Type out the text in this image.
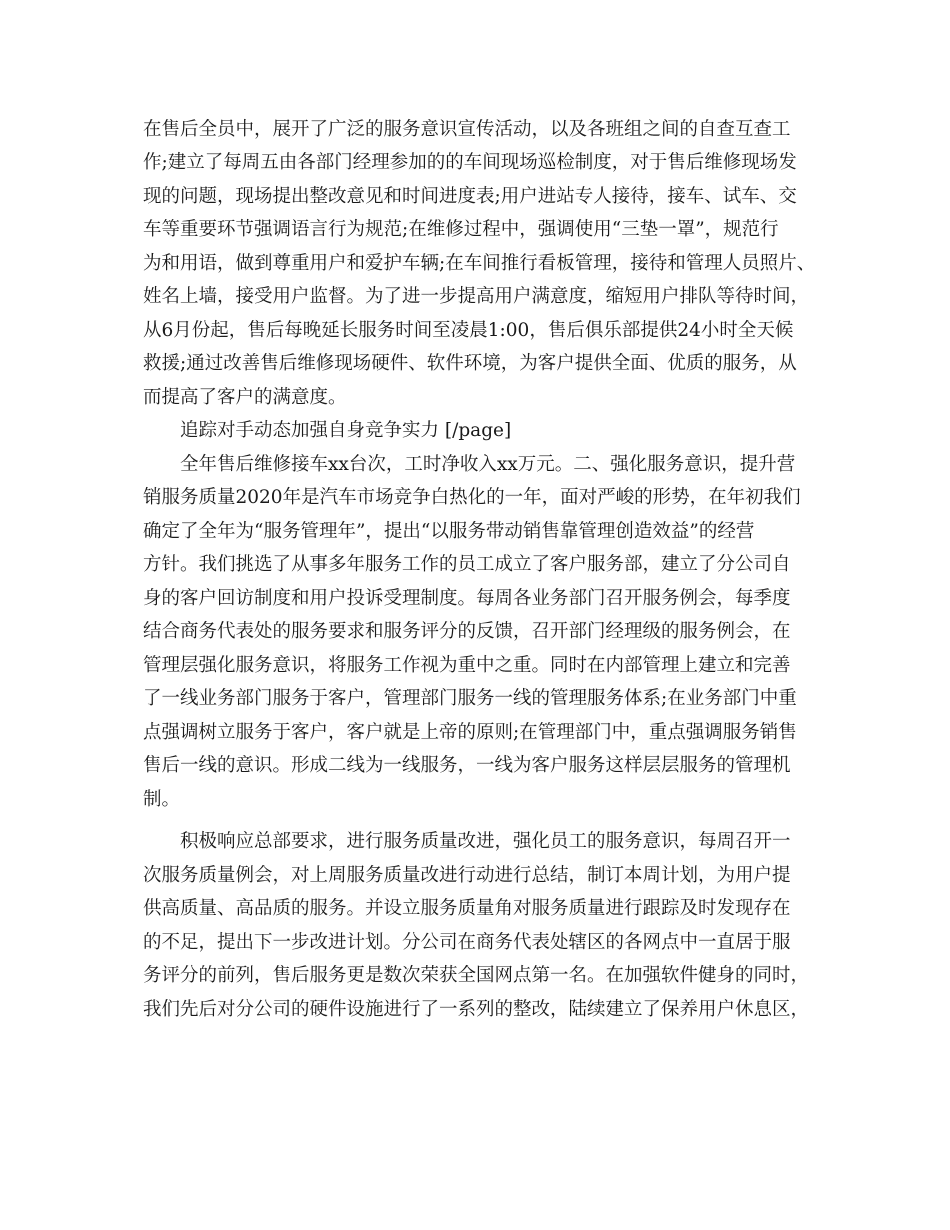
在售后全员中，展开了广泛的服务意识宣传活动，以及各班组之间的自查互查工
作;建立了每周五由各部门经理参加的的车间现场巡检制度，对于售后维修现场发
现的问题，现场提出整改意见和时间进度表;用户进站专人接待，接车、试车、交
车等重要环节强调语言行为规范;在维修过程中，强调使用“三垫一罩”，规范行
为和用语，做到尊重用户和爱护车辆;在车间推行看板管理，接待和管理人员照片、
姓名上墙，接受用户监督。为了进一步提高用户满意度，缩短用户排队等待时间，
从6月份起，售后每晚延长服务时间至凌晨1:00，售后俱乐部提供24小时全天候
救援;通过改善售后维修现场硬件、软件环境，为客户提供全面、优质的服务，从
而提高了客户的满意度。
追踪对手动态加强自身竞争实力 [/page]
全年售后维修接车xx台次，工时净收入xx万元。二、强化服务意识，提升营
销服务质量2020年是汽车市场竞争白热化的一年，面对严峻的形势，在年初我们
确定了全年为“服务管理年”，提出“以服务带动销售靠管理创造效益”的经营
方针。我们挑选了从事多年服务工作的员工成立了客户服务部，建立了分公司自
身的客户回访制度和用户投诉受理制度。每周各业务部门召开服务例会，每季度
结合商务代表处的服务要求和服务评分的反馈，召开部门经理级的服务例会，在
管理层强化服务意识，将服务工作视为重中之重。同时在内部管理上建立和完善
了一线业务部门服务于客户，管理部门服务一线的管理服务体系;在业务部门中重
点强调树立服务于客户，客户就是上帝的原则;在管理部门中，重点强调服务销售
售后一线的意识。形成二线为一线服务，一线为客户服务这样层层服务的管理机
制。
积极响应总部要求，进行服务质量改进，强化员工的服务意识，每周召开一
次服务质量例会，对上周服务质量改进行动进行总结，制订本周计划，为用户提
供高质量、高品质的服务。并设立服务质量角对服务质量进行跟踪及时发现存在
的不足，提出下一步改进计划。分公司在商务代表处辖区的各网点中一直居于服
务评分的前列，售后服务更是数次荣获全国网点第一名。在加强软件健身的同时，
我们先后对分公司的硬件设施进行了一系列的整改，陆续建立了保养用户休息区，
